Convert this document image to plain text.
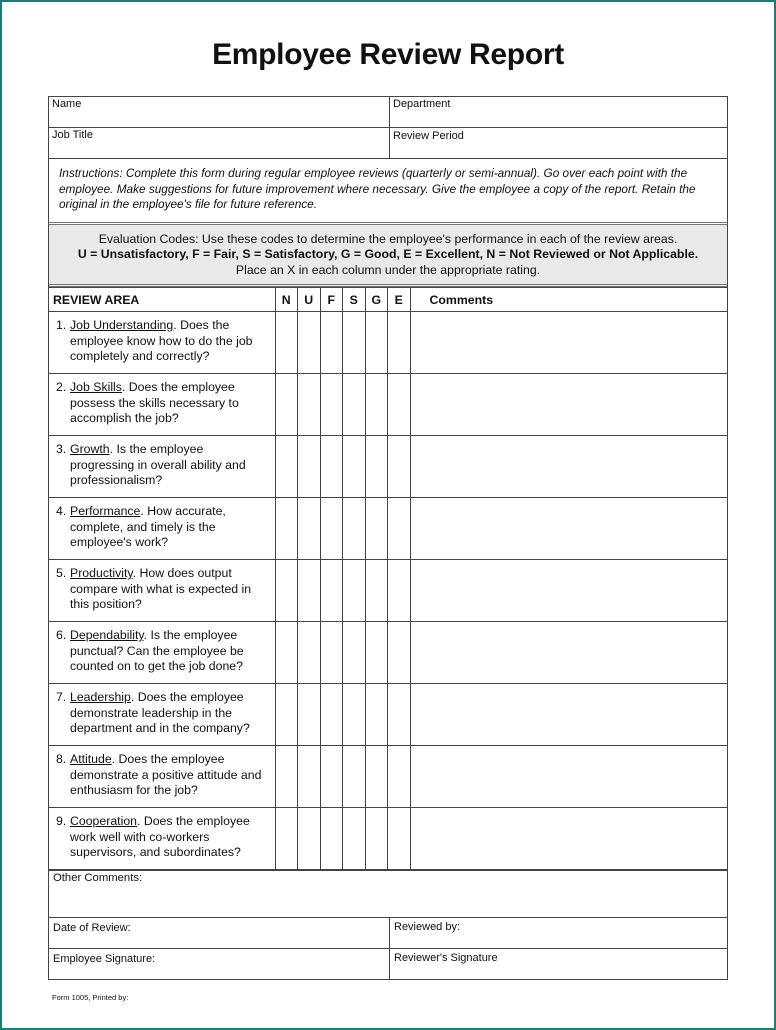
Employee Review Report
Name	Department
Job Title	Review Period
Instructions: Complete this form during regular employee reviews (quarterly or semi-annual). Go over each point with the employee. Make suggestions for future improvement where necessary. Give the employee a copy of the report. Retain the original in the employee's file for future reference.
Evaluation Codes: Use these codes to determine the employee's performance in each of the review areas.
U = Unsatisfactory, F = Fair, S = Satisfactory, G = Good, E = Excellent, N = Not Reviewed or Not Applicable.
Place an X in each column under the appropriate rating.
REVIEW AREA	N	U	F	S	G	E	Comments

1. Job Understanding. Does the employee know how to do the job completely and correctly?							

2. Job Skills. Does the employee possess the skills necessary to accomplish the job?							

3. Growth. Is the employee progressing in overall ability and professionalism?							

4. Performance. How accurate, complete, and timely is the employee's work?							

5. Productivity. How does output compare with what is expected in this position?							

6. Dependability. Is the employee punctual? Can the employee be counted on to get the job done?							

7. Leadership. Does the employee demonstrate leadership in the department and in the company?							

8. Attitude. Does the employee demonstrate a positive attitude and enthusiasm for the job?							

9. Cooperation. Does the employee work well with co-workers supervisors, and subordinates?							

Other Comments:
Date of Review:	Reviewed by:
Employee Signature:	Reviewer's Signature
Form 1005, Printed by:
